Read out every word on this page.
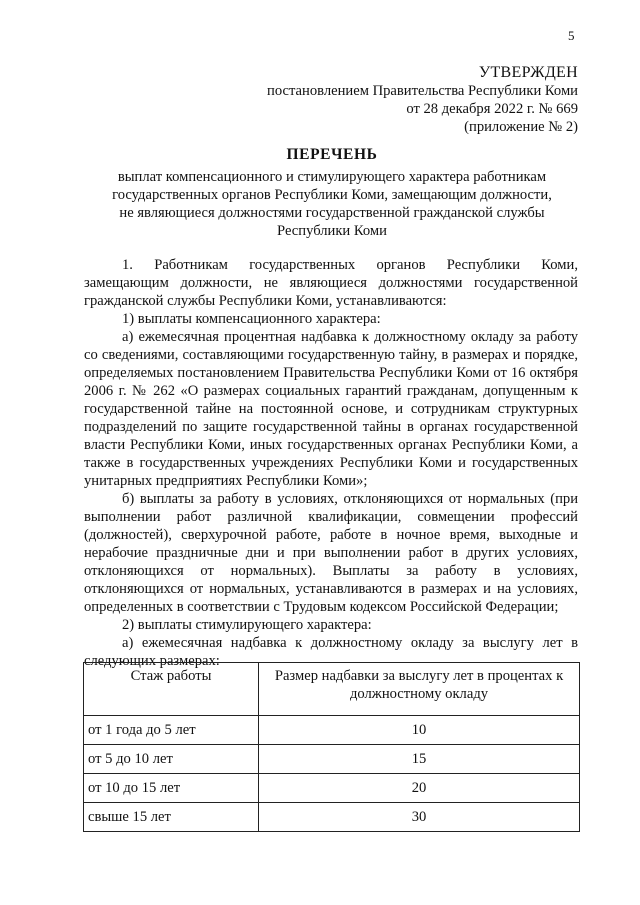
5
УТВЕРЖДЕН
постановлением Правительства Республики Коми
от 28 декабря 2022 г. № 669
(приложение № 2)
ПЕРЕЧЕНЬ
выплат компенсационного и стимулирующего характера работникам
государственных органов Республики Коми, замещающим должности,
не являющиеся должностями государственной гражданской службы
Республики Коми

1. Работникам государственных органов Республики Коми, замещающим должности, не являющиеся должностями государственной гражданской службы Республики Коми, устанавливаются:

1) выплаты компенсационного характера:

а) ежемесячная процентная надбавка к должностному окладу за работу со сведениями, составляющими государственную тайну, в размерах и порядке, определяемых постановлением Правительства Республики Коми от 16 октября 2006 г. № 262 «О размерах социальных гарантий гражданам, допущенным к государственной тайне на постоянной основе, и сотрудникам структурных подразделений по защите государственной тайны в органах государственной власти Республики Коми, иных государственных органах Республики Коми, а также в государственных учреждениях Республики Коми и государственных унитарных предприятиях Республики Коми»;

б) выплаты за работу в условиях, отклоняющихся от нормальных (при выполнении работ различной квалификации, совмещении профессий (должностей), сверхурочной работе, работе в ночное время, выходные и нерабочие праздничные дни и при выполнении работ в других условиях, отклоняющихся от нормальных). Выплаты за работу в условиях, отклоняющихся от нормальных, устанавливаются в размерах и на условиях, определенных в соответствии с Трудовым кодексом Российской Федерации;

2) выплаты стимулирующего характера:

а) ежемесячная надбавка к должностному окладу за выслугу лет в следующих размерах:

Стаж работы	Размер надбавки за выслугу лет в процентах к должностному окладу
от 1 года до 5 лет	10
от 5 до 10 лет	15
от 10 до 15 лет	20
свыше 15 лет	30
